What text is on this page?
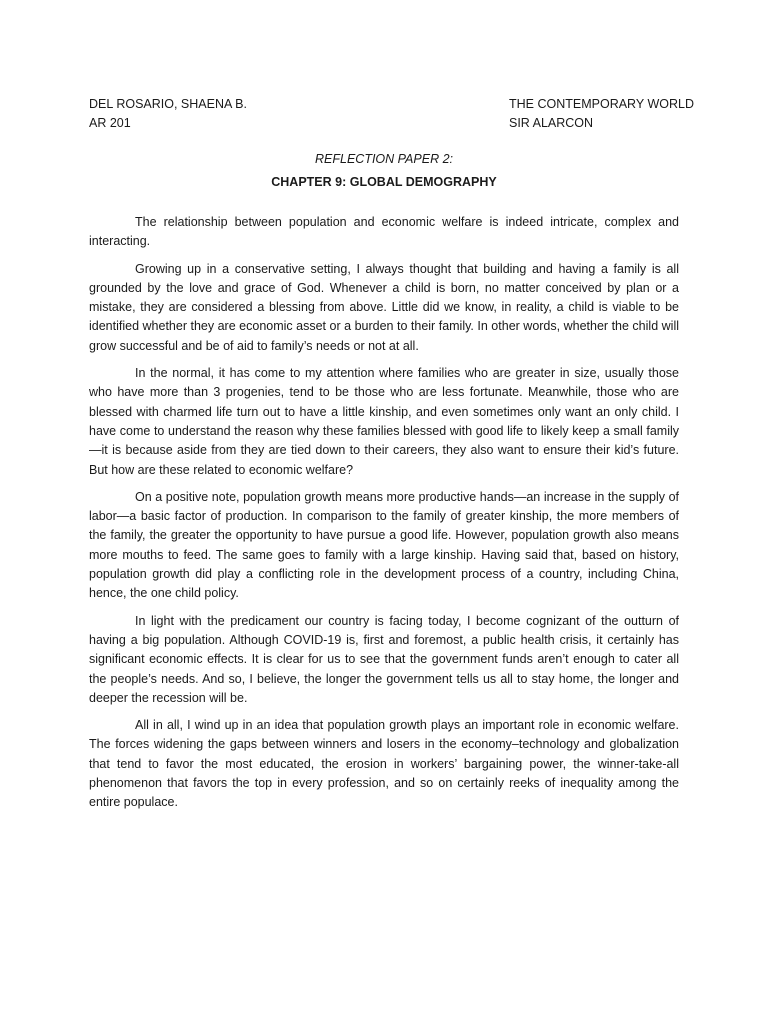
DEL ROSARIO, SHAENA B.
AR 201
THE CONTEMPORARY WORLD
SIR ALARCON
REFLECTION PAPER 2:
CHAPTER 9: GLOBAL DEMOGRAPHY

The relationship between population and economic welfare is indeed intricate, complex and interacting.

Growing up in a conservative setting, I always thought that building and having a family is all grounded by the love and grace of God. Whenever a child is born, no matter conceived by plan or a mistake, they are considered a blessing from above. Little did we know, in reality, a child is viable to be identified whether they are economic asset or a burden to their family. In other words, whether the child will grow successful and be of aid to family’s needs or not at all.

In the normal, it has come to my attention where families who are greater in size, usually those who have more than 3 progenies, tend to be those who are less fortunate. Meanwhile, those who are blessed with charmed life turn out to have a little kinship, and even sometimes only want an only child. I have come to understand the reason why these families blessed with good life to likely keep a small family—it is because aside from they are tied down to their careers, they also want to ensure their kid’s future. But how are these related to economic welfare?

On a positive note, population growth means more productive hands—an increase in the supply of labor—a basic factor of production. In comparison to the family of greater kinship, the more members of the family, the greater the opportunity to have pursue a good life. However, population growth also means more mouths to feed. The same goes to family with a large kinship. Having said that, based on history, population growth did play a conflicting role in the development process of a country, including China, hence, the one child policy.

In light with the predicament our country is facing today, I become cognizant of the outturn of having a big population. Although COVID-19 is, first and foremost, a public health crisis, it certainly has significant economic effects. It is clear for us to see that the government funds aren’t enough to cater all the people’s needs. And so, I believe, the longer the government tells us all to stay home, the longer and deeper the recession will be.

All in all, I wind up in an idea that population growth plays an important role in economic welfare. The forces widening the gaps between winners and losers in the economy–technology and globalization that tend to favor the most educated, the erosion in workers’ bargaining power, the winner-take-all phenomenon that favors the top in every profession, and so on certainly reeks of inequality among the entire populace.
